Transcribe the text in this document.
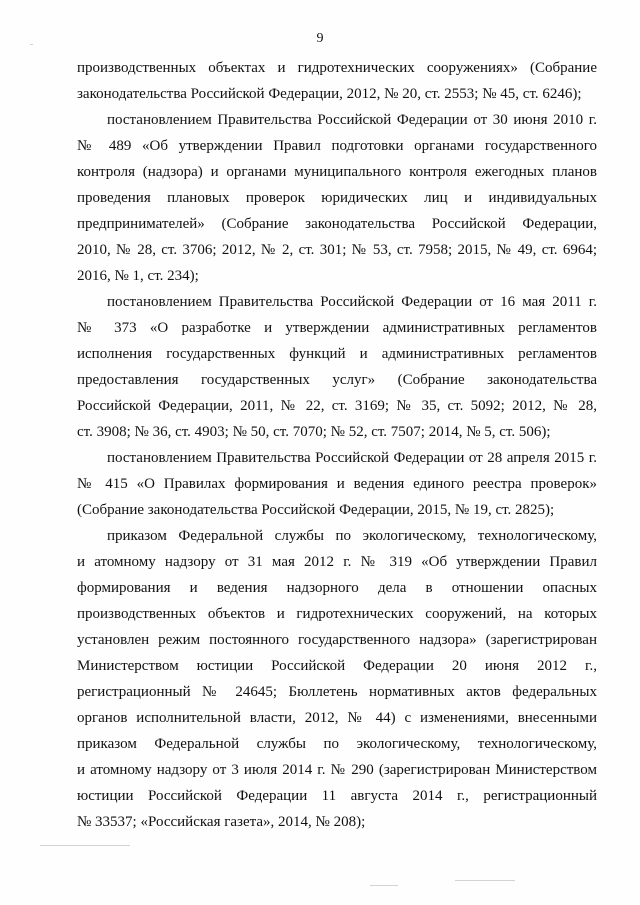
9
производственных объектах и гидротехнических сооружениях» (Собрание
законодательства Российской Федерации, 2012, № 20, ст. 2553; № 45, ст. 6246);
постановлением Правительства Российской Федерации от 30 июня 2010 г.
№ 489 «Об утверждении Правил подготовки органами государственного
контроля (надзора) и органами муниципального контроля ежегодных планов
проведения плановых проверок юридических лиц и индивидуальных
предпринимателей» (Собрание законодательства Российской Федерации,
2010, № 28, ст. 3706; 2012, № 2, ст. 301; № 53, ст. 7958; 2015, № 49, ст. 6964;
2016, № 1, ст. 234);
постановлением Правительства Российской Федерации от 16 мая 2011 г.
№ 373 «О разработке и утверждении административных регламентов
исполнения государственных функций и административных регламентов
предоставления государственных услуг» (Собрание законодательства
Российской Федерации, 2011, № 22, ст. 3169; № 35, ст. 5092; 2012, № 28,
ст. 3908; № 36, ст. 4903; № 50, ст. 7070; № 52, ст. 7507; 2014, № 5, ст. 506);
постановлением Правительства Российской Федерации от 28 апреля 2015 г.
№ 415 «О Правилах формирования и ведения единого реестра проверок»
(Собрание законодательства Российской Федерации, 2015, № 19, ст. 2825);
приказом Федеральной службы по экологическому, технологическому,
и атомному надзору от 31 мая 2012 г. № 319 «Об утверждении Правил
формирования и ведения надзорного дела в отношении опасных
производственных объектов и гидротехнических сооружений, на которых
установлен режим постоянного государственного надзора» (зарегистрирован
Министерством юстиции Российской Федерации 20 июня 2012 г.,
регистрационный № 24645; Бюллетень нормативных актов федеральных
органов исполнительной власти, 2012, № 44) с изменениями, внесенными
приказом Федеральной службы по экологическому, технологическому,
и атомному надзору от 3 июля 2014 г. № 290 (зарегистрирован Министерством
юстиции Российской Федерации 11 августа 2014 г., регистрационный
№ 33537; «Российская газета», 2014, № 208);
